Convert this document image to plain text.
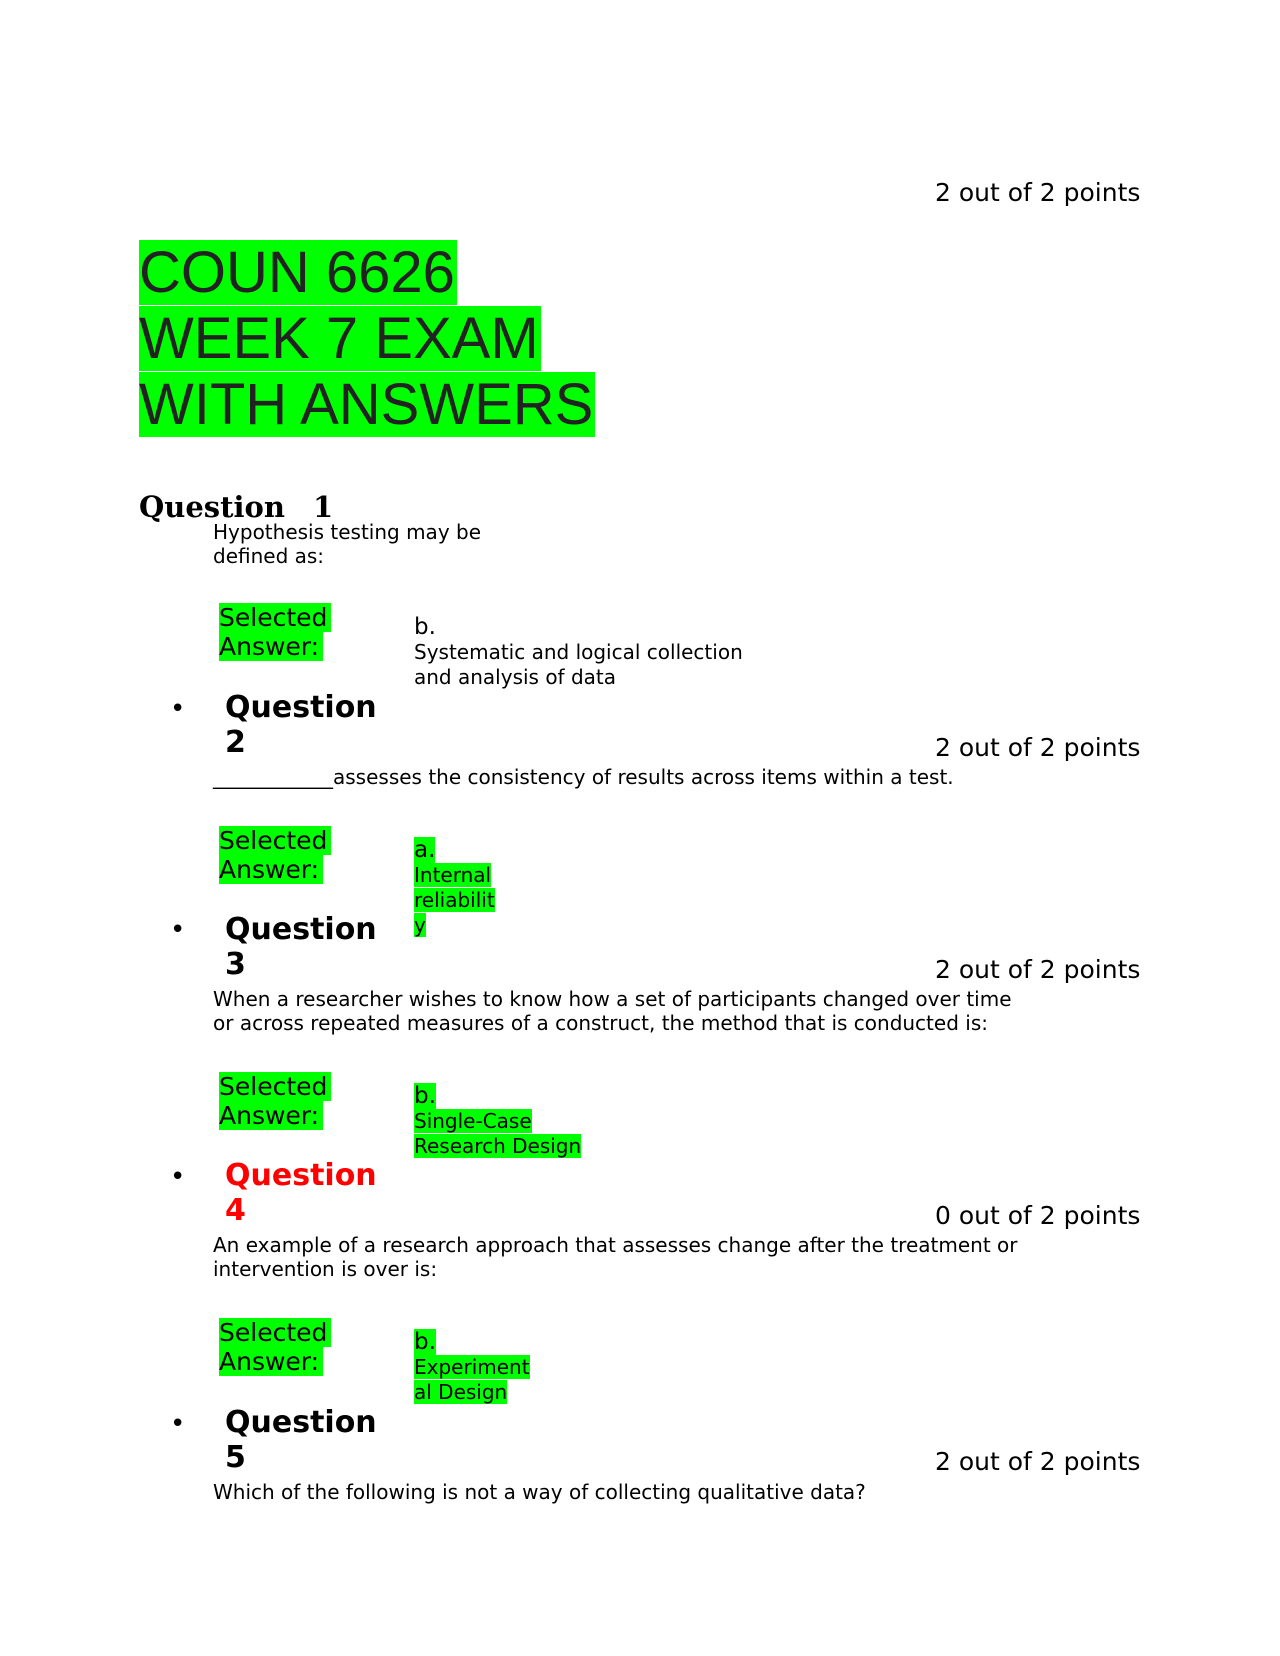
2 out of 2 points
COUN 6626
WEEK 7 EXAM
WITH ANSWERS
Question 1
Hypothesis testing may be
defined as:
Selected
Answer:
b.
Systematic and logical collection
and analysis of data
• Question
2	2 out of 2 points
____________assesses the consistency of results across items within a test.
Selected
Answer:
a.
Internal
reliabilit
y
• Question
3	2 out of 2 points
When a researcher wishes to know how a set of participants changed over time
or across repeated measures of a construct, the method that is conducted is:
Selected
Answer:
b.
Single-Case
Research Design
• Question
4	0 out of 2 points
An example of a research approach that assesses change after the treatment or
intervention is over is:
Selected
Answer:
b.
Experiment
al Design
• Question
5	2 out of 2 points
Which of the following is not a way of collecting qualitative data?
